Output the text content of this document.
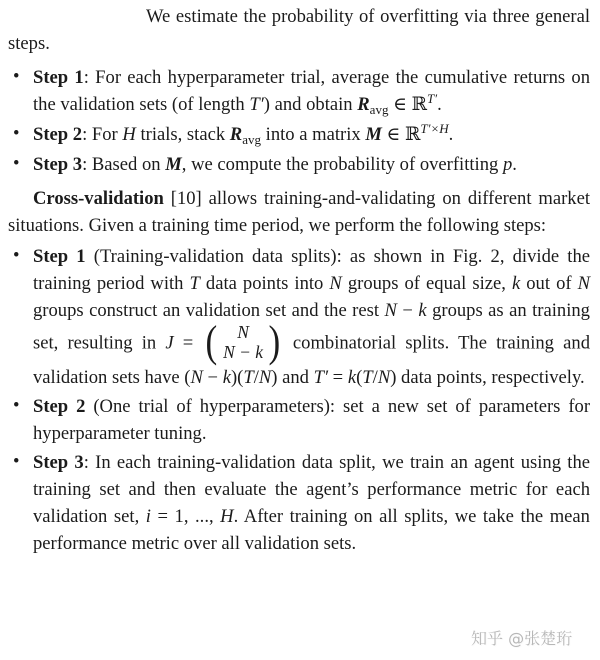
We estimate the probability of overfitting via three general steps.

• Step 1: For each hyperparameter trial, average the cumulative returns on the validation sets (of length T′) and obtain Ravg ∈ ℝ$^{T'}$.
• Step 2: For H trials, stack Ravg into a matrix M ∈ ℝ$^{T'\times H}$.
• Step 3: Based on M, we compute the probability of overfitting p.

Cross-validation [10] allows training-and-validating on different market situations. Given a training time period, we perform the following steps:

• Step 1 (Training-validation data splits): as shown in Fig. 2, divide the training period with T data points into N groups of equal size, k out of N groups construct an validation set and the rest N − k groups as an training set, resulting in J = ( N
N − k ) combinatorial splits. The training and validation sets have (N − k)(T/N) and T′ = k(T/N) data points, respectively.
• Step 2 (One trial of hyperparameters): set a new set of parameters for hyperparameter tuning.
• Step 3: In each training-validation data split, we train an agent using the training set and then evaluate the agent’s performance metric for each validation set, i = 1, ..., H. After training on all splits, we take the mean performance metric over all validation sets.
知乎 @张楚珩
